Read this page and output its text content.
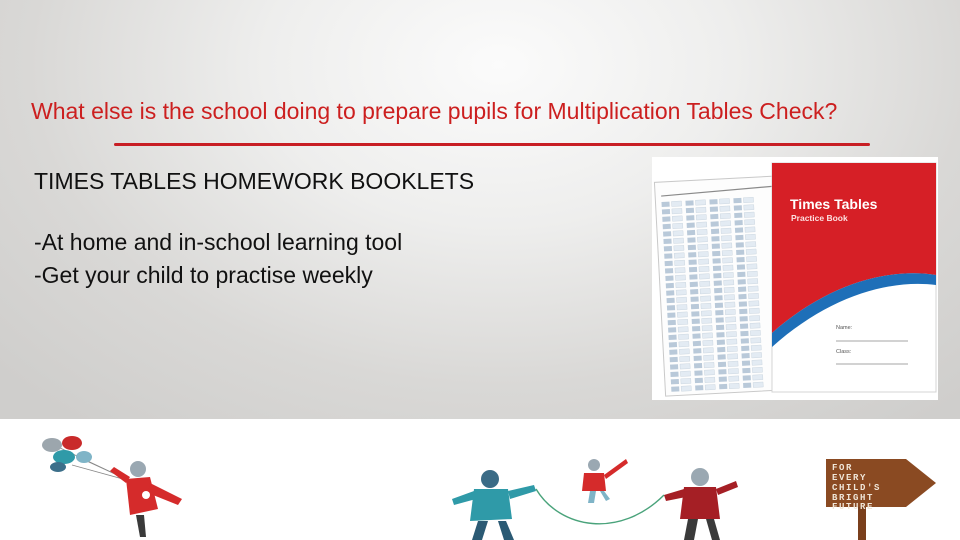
What else is the school doing to prepare pupils for Multiplication Tables Check?
TIMES TABLES HOMEWORK BOOKLETS
-At home and in-school learning tool
-Get your child to practise weekly
Times Tables
Practice Book
Name:
Class:
FOR
EVERY
CHILD'S
BRIGHT
FUTURE
